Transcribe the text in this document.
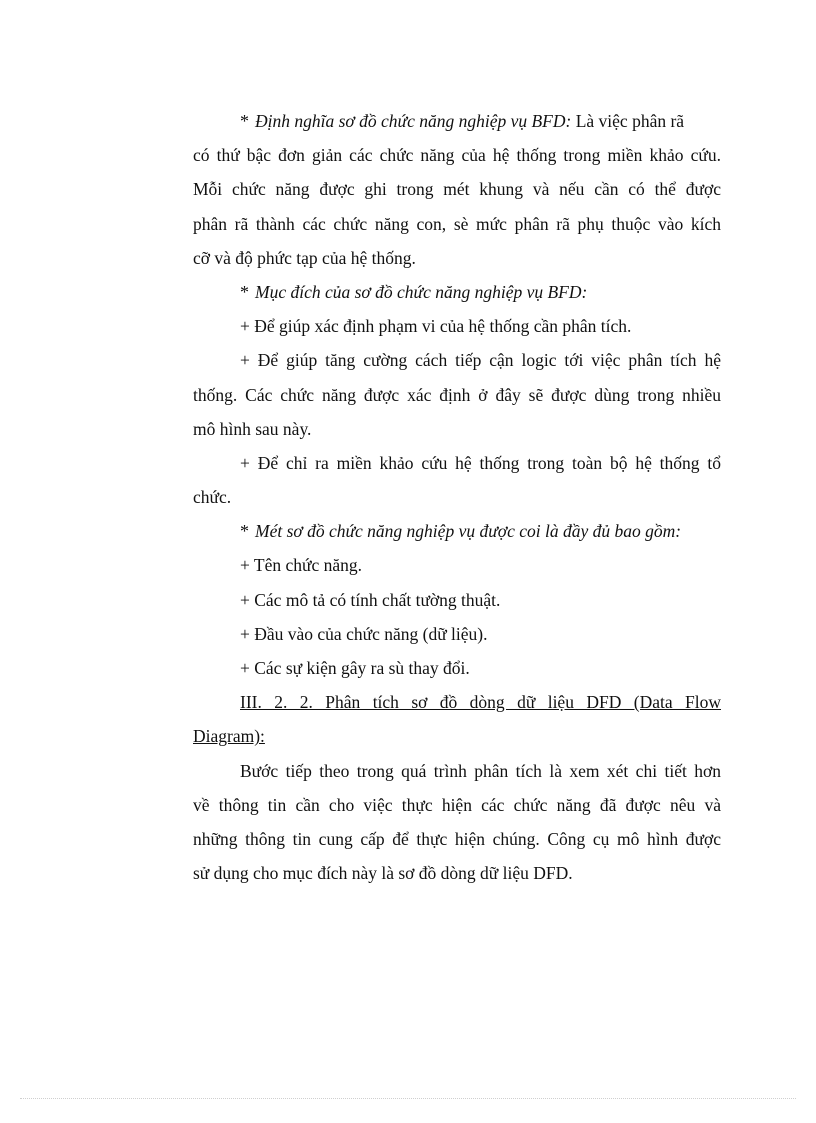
* Định nghĩa sơ đồ chức năng nghiệp vụ BFD: Là việc phân rã
có thứ bậc đơn giản các chức năng của hệ thống trong miền khảo cứu.
Mỗi chức năng được ghi trong mét khung và nếu cần có thể được
phân rã thành các chức năng con, sè mức phân rã phụ thuộc vào kích
cỡ và độ phức tạp của hệ thống.
* Mục đích của sơ đồ chức năng nghiệp vụ BFD:
+ Để giúp xác định phạm vi của hệ thống cần phân tích.
+ Để giúp tăng cường cách tiếp cận logic tới việc phân tích hệ
thống. Các chức năng được xác định ở đây sẽ được dùng trong nhiều
mô hình sau này.
+ Để chỉ ra miền khảo cứu hệ thống trong toàn bộ hệ thống tổ
chức.
* Mét sơ đồ chức năng nghiệp vụ được coi là đầy đủ bao gồm:
+ Tên chức năng.
+ Các mô tả có tính chất tường thuật.
+ Đầu vào của chức năng (dữ liệu).
+ Các sự kiện gây ra sù thay đổi.
III. 2. 2. Phân tích sơ đồ dòng dữ liệu DFD (Data Flow
Diagram):
Bước tiếp theo trong quá trình phân tích là xem xét chi tiết hơn
về thông tin cần cho việc thực hiện các chức năng đã được nêu và
những thông tin cung cấp để thực hiện chúng. Công cụ mô hình được
sử dụng cho mục đích này là sơ đồ dòng dữ liệu DFD.
